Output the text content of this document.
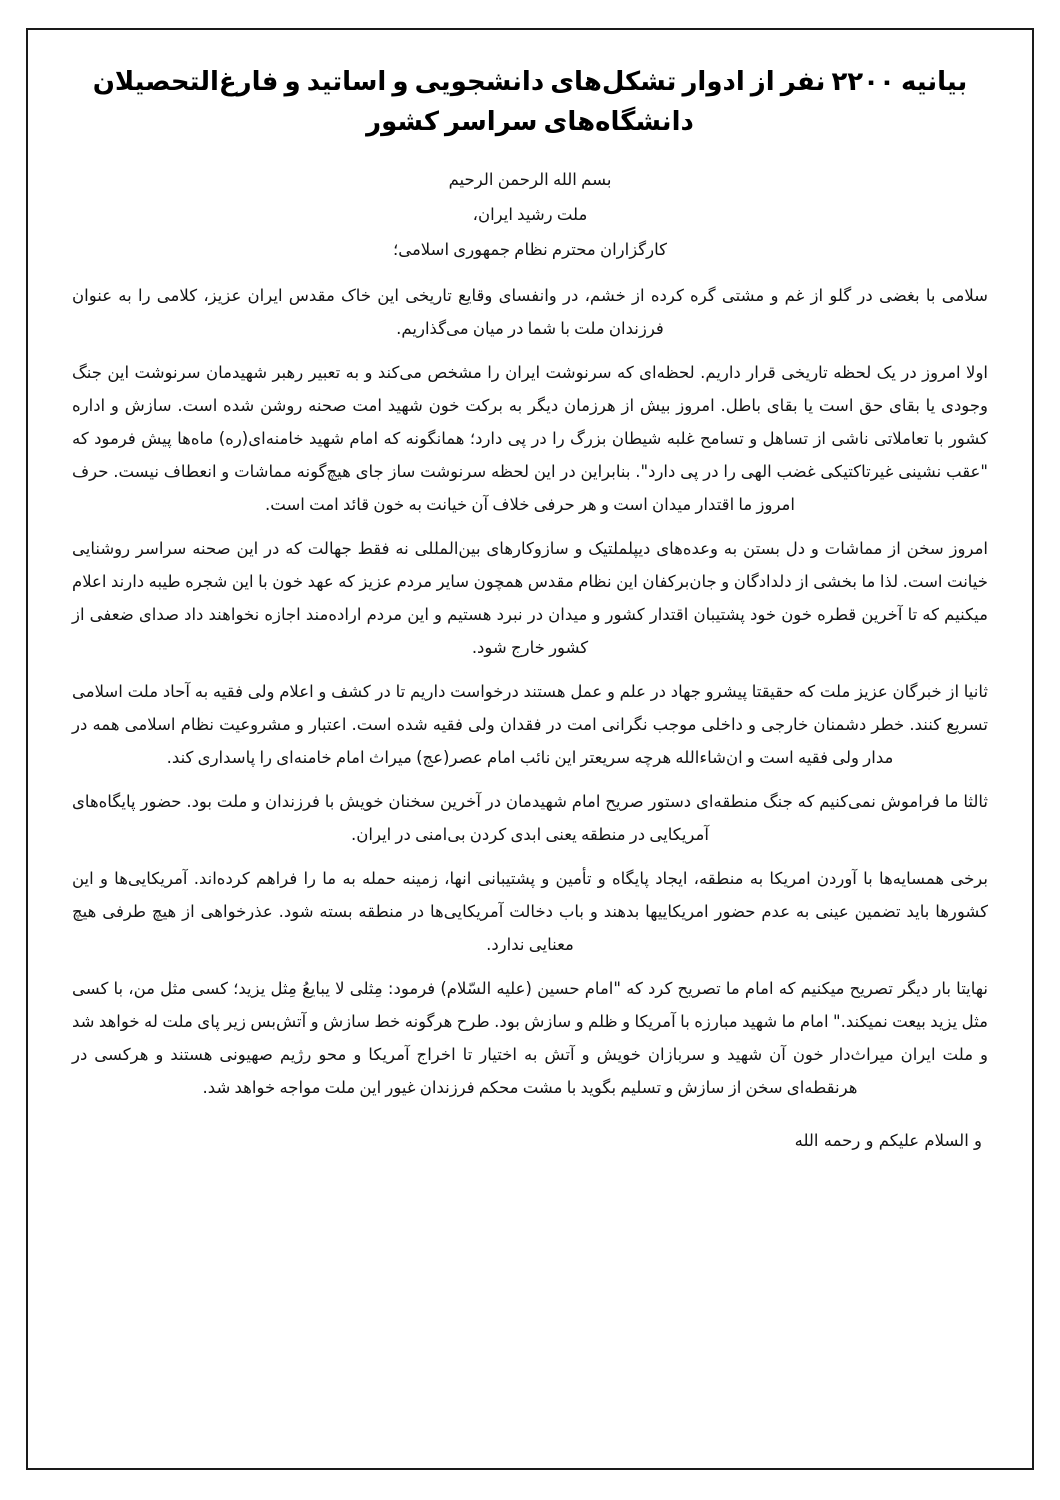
بیانیه ۲۲۰۰ نفر از ادوار تشکل‌های دانشجویی و اساتید و فارغ‌التحصیلان دانشگاه‌های سراسر کشور

بسم الله الرحمن الرحیم

ملت رشید ایران،

کارگزاران محترم نظام جمهوری اسلامی؛

سلامی با بغضی در گلو از غم و مشتی گره کرده از خشم، در وانفسای وقایع تاریخی این خاک مقدس ایران عزیز، کلامی را به عنوان فرزندان ملت با شما در میان می‌گذاریم.

اولا امروز در یک لحظه تاریخی قرار داریم. لحظه‌ای که سرنوشت ایران را مشخص می‌کند و به تعبیر رهبر شهیدمان سرنوشت این جنگ وجودی یا بقای حق است یا بقای باطل. امروز بیش از هرزمان دیگر به برکت خون شهید امت صحنه روشن شده است. سازش و اداره کشور با تعاملاتی ناشی از تساهل و تسامح غلبه شیطان بزرگ را در پی دارد؛ همانگونه که امام شهید خامنه‌ای(ره) ماه‌ها پیش فرمود که "عقب نشینی غیرتاکتیکی غضب الهی را در پی دارد". بنابراین در این لحظه سرنوشت ساز جای هیچ‌گونه مماشات و انعطاف نیست. حرف امروز ما اقتدار میدان است و هر حرفی خلاف آن خیانت به خون قائد امت است.

امروز سخن از مماشات و دل بستن به وعده‌های دیپلملتیک و سازوکارهای بین‌المللی نه فقط جهالت که در این صحنه سراسر روشنایی خیانت است. لذا ما بخشی از دلدادگان و جان‌برکفان این نظام مقدس همچون سایر مردم عزیز که عهد خون با این شجره طیبه دارند اعلام میکنیم که تا آخرین قطره خون خود پشتیبان اقتدار کشور و میدان در نبرد هستیم و این مردم اراده‌مند اجازه نخواهند داد صدای ضعفی از کشور خارج شود.

ثانیا از خبرگان عزیز ملت که حقیقتا پیشرو جهاد در علم و عمل هستند درخواست داریم تا در کشف و اعلام ولی فقیه به آحاد ملت اسلامی تسریع کنند. خطر دشمنان خارجی و داخلی موجب نگرانی امت در فقدان ولی فقیه شده است. اعتبار و مشروعیت نظام اسلامی همه در مدار ولی فقیه است و ان‌شاءالله هرچه سریعتر این نائب امام عصر(عج) میراث امام خامنه‌ای را پاسداری کند.

ثالثا ما فراموش نمی‌کنیم که جنگ منطقه‌ای دستور صریح امام شهیدمان در آخرین سخنان خویش با فرزندان و ملت بود. حضور پایگاه‌های آمریکایی در منطقه یعنی ابدی کردن بی‌امنی در ایران.

برخی همسایه‌ها با آوردن امریکا به منطقه، ایجاد پایگاه و تأمین و پشتیبانی انها، زمینه حمله به ما را فراهم کرده‌اند. آمریکایی‌ها و این کشورها باید تضمین عینی به عدم حضور امریکاییها بدهند و باب دخالت آمریکایی‌ها در منطقه بسته شود. عذرخواهی از هیچ طرفی هیچ معنایی ندارد.

نهایتا بار دیگر تصریح میکنیم که امام ما تصریح کرد که "امام حسین (علیه السّلام) فرمود: مِثلی لا یبایعُ مِثل یزید؛ کسی مثل من، با کسی مثل یزید بیعت نمیکند." امام ما شهید مبارزه با آمریکا و ظلم و سازش بود. طرح هرگونه خط سازش و آتش‌بس زیر پای ملت له خواهد شد و ملت ایران میراث‌دار خون آن شهید و سربازان خویش و آتش به اختیار تا اخراج آمریکا و محو رژیم صهیونی هستند و هرکسی در هرنقطه‌ای سخن از سازش و تسلیم بگوید با مشت محکم فرزندان غیور این ملت مواجه خواهد شد.

و السلام علیکم و رحمه الله
